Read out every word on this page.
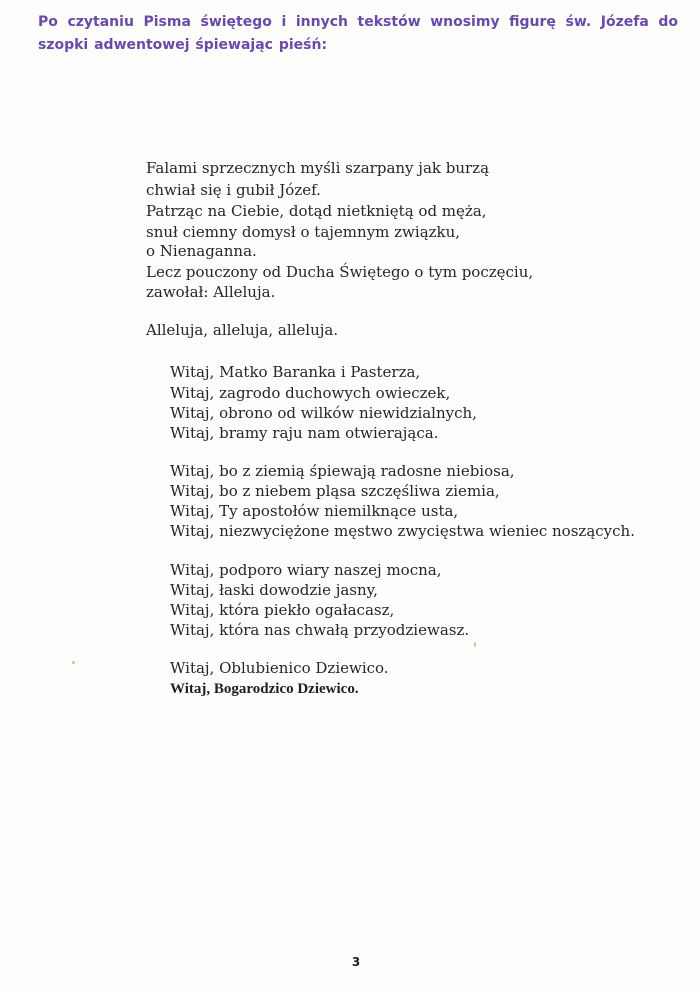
Po czytaniu Pisma świętego i innych tekstów wnosimy figurę św. Józefa do szopki adwentowej śpiewając pieśń:
Falami sprzecznych myśli szarpany jak burzą
chwiał się i gubił Józef.
Patrząc na Ciebie, dotąd nietkniętą od męża,
snuł ciemny domysł o tajemnym związku,
o Nienaganna.
Lecz pouczony od Ducha Świętego o tym poczęciu,
zawołał: Alleluja.
Alleluja, alleluja, alleluja.
Witaj, Matko Baranka i Pasterza,
Witaj, zagrodo duchowych owieczek,
Witaj, obrono od wilków niewidzialnych,
Witaj, bramy raju nam otwierająca.
Witaj, bo z ziemią śpiewają radosne niebiosa,
Witaj, bo z niebem pląsa szczęśliwa ziemia,
Witaj, Ty apostołów niemilknące usta,
Witaj, niezwyciężone męstwo zwycięstwa wieniec noszących.
Witaj, podporo wiary naszej mocna,
Witaj, łaski dowodzie jasny,
Witaj, która piekło ogałacasz,
Witaj, która nas chwałą przyodziewasz.
Witaj, Oblubienico Dziewico.
Witaj, Bogarodzico Dziewico.
3
